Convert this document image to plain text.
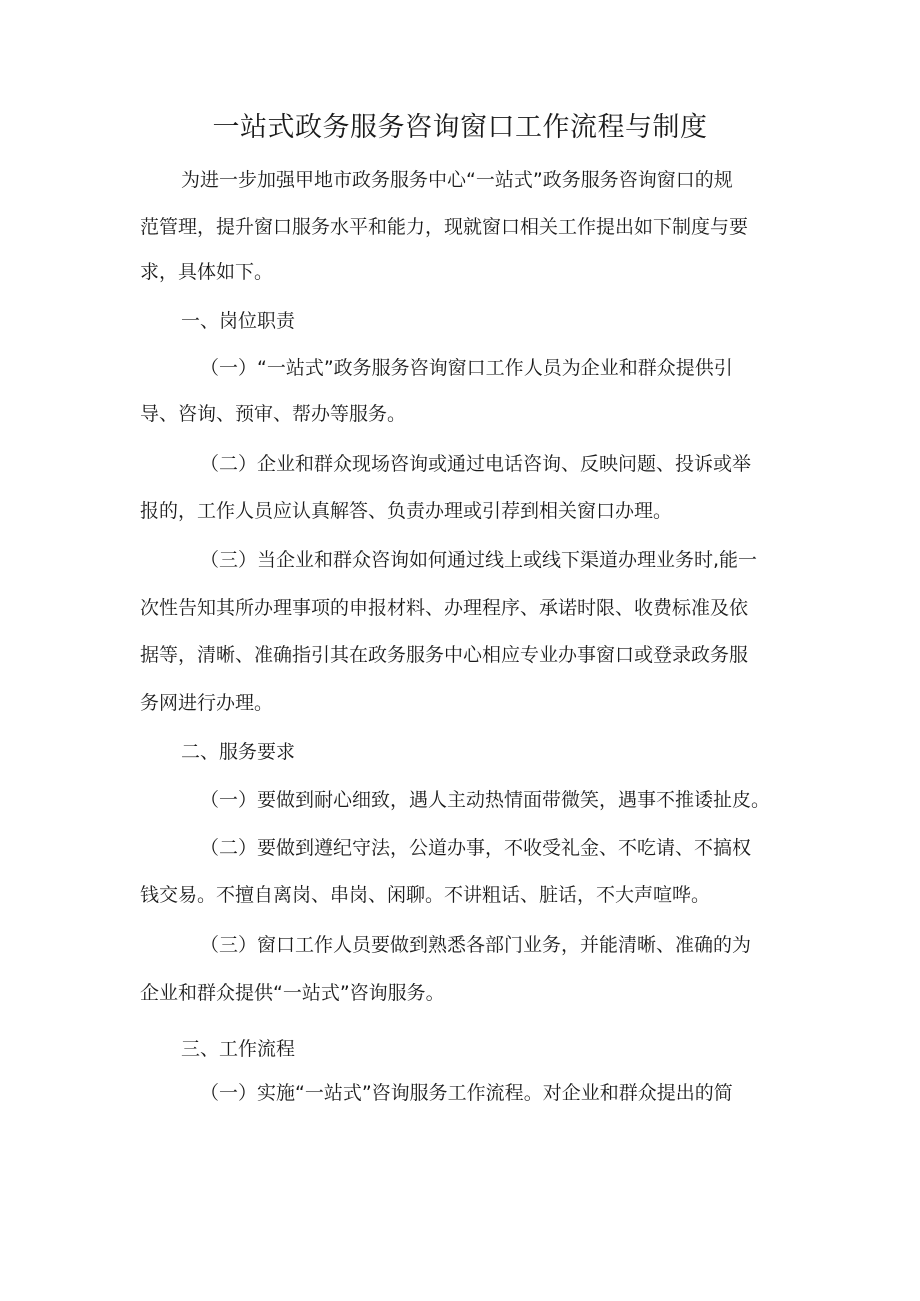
一站式政务服务咨询窗口工作流程与制度
为进一步加强甲地市政务服务中心“一站式”政务服务咨询窗口的规
范管理，提升窗口服务水平和能力，现就窗口相关工作提出如下制度与要
求，具体如下。
一、岗位职责
（一）“一站式”政务服务咨询窗口工作人员为企业和群众提供引
导、咨询、预审、帮办等服务。
（二）企业和群众现场咨询或通过电话咨询、反映问题、投诉或举
报的，工作人员应认真解答、负责办理或引荐到相关窗口办理。
（三）当企业和群众咨询如何通过线上或线下渠道办理业务时,能一
次性告知其所办理事项的申报材料、办理程序、承诺时限、收费标准及依
据等，清晰、准确指引其在政务服务中心相应专业办事窗口或登录政务服
务网进行办理。
二、服务要求
（一）要做到耐心细致，遇人主动热情面带微笑，遇事不推诿扯皮。
（二）要做到遵纪守法，公道办事，不收受礼金、不吃请、不搞权
钱交易。不擅自离岗、串岗、闲聊。不讲粗话、脏话，不大声喧哗。
（三）窗口工作人员要做到熟悉各部门业务，并能清晰、准确的为
企业和群众提供“一站式”咨询服务。
三、工作流程
（一）实施“一站式”咨询服务工作流程。对企业和群众提出的简
